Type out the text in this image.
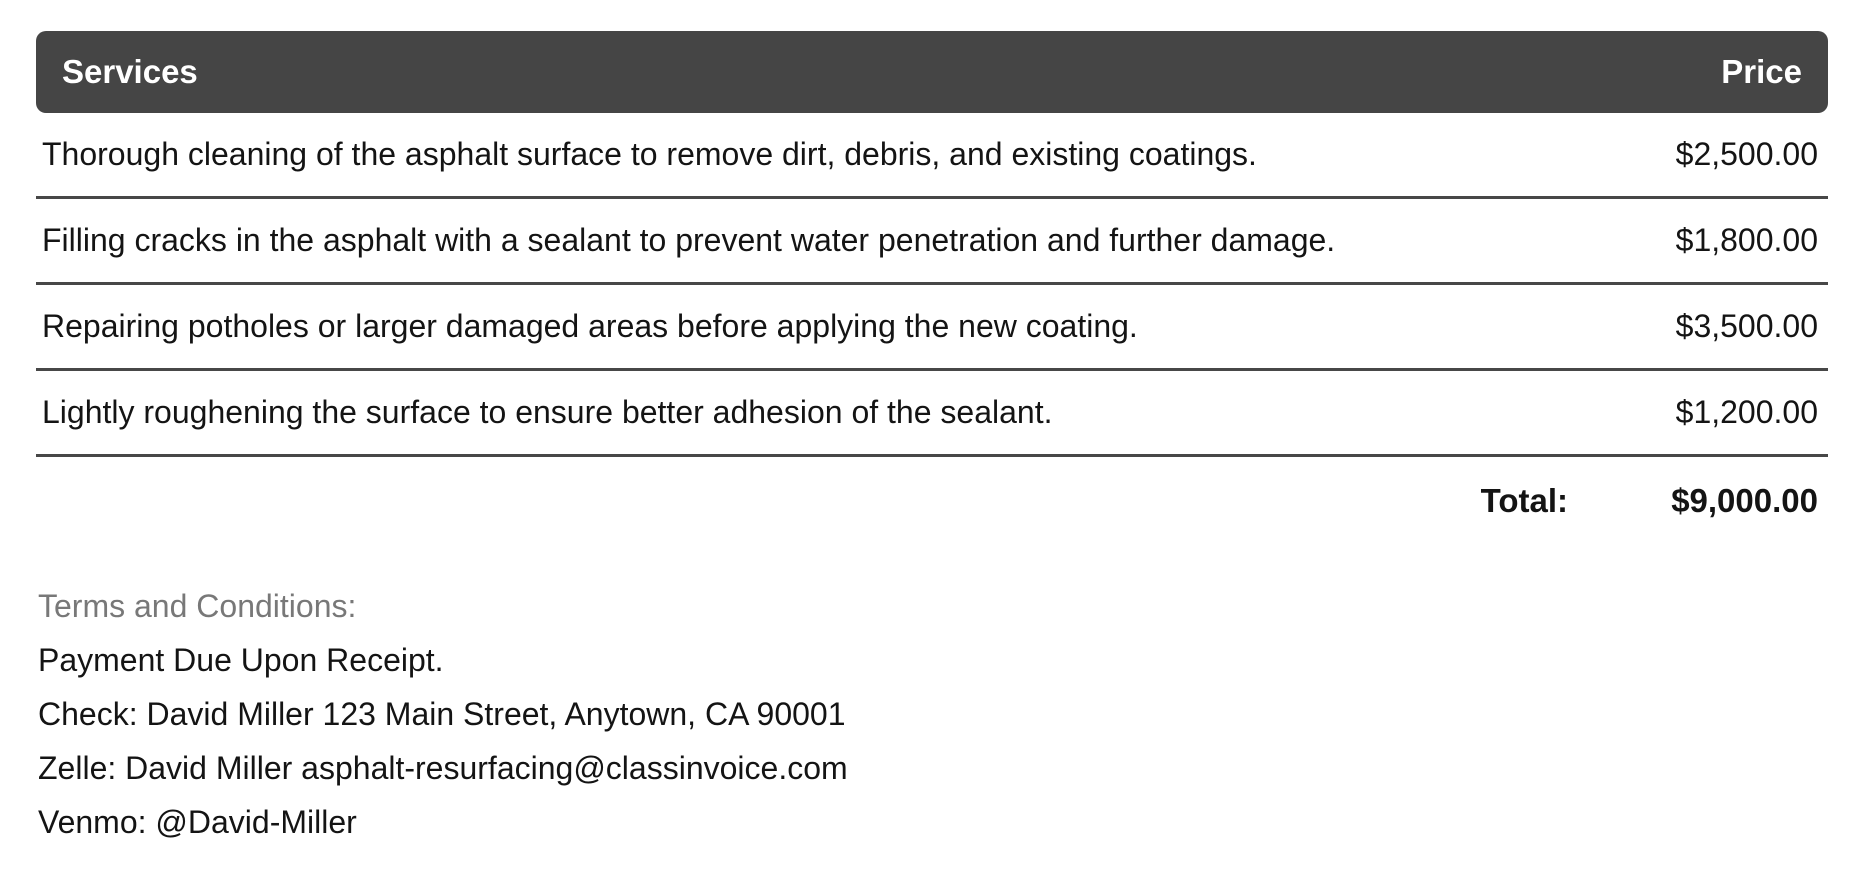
Services	Price
Thorough cleaning of the asphalt surface to remove dirt, debris, and existing coatings.	$2,500.00
Filling cracks in the asphalt with a sealant to prevent water penetration and further damage.	$1,800.00
Repairing potholes or larger damaged areas before applying the new coating.	$3,500.00
Lightly roughening the surface to ensure better adhesion of the sealant.	$1,200.00
Total:	$9,000.00
Terms and Conditions:
Payment Due Upon Receipt.
Check: David Miller 123 Main Street, Anytown, CA 90001
Zelle: David Miller asphalt-resurfacing@classinvoice.com
Venmo: @David-Miller
